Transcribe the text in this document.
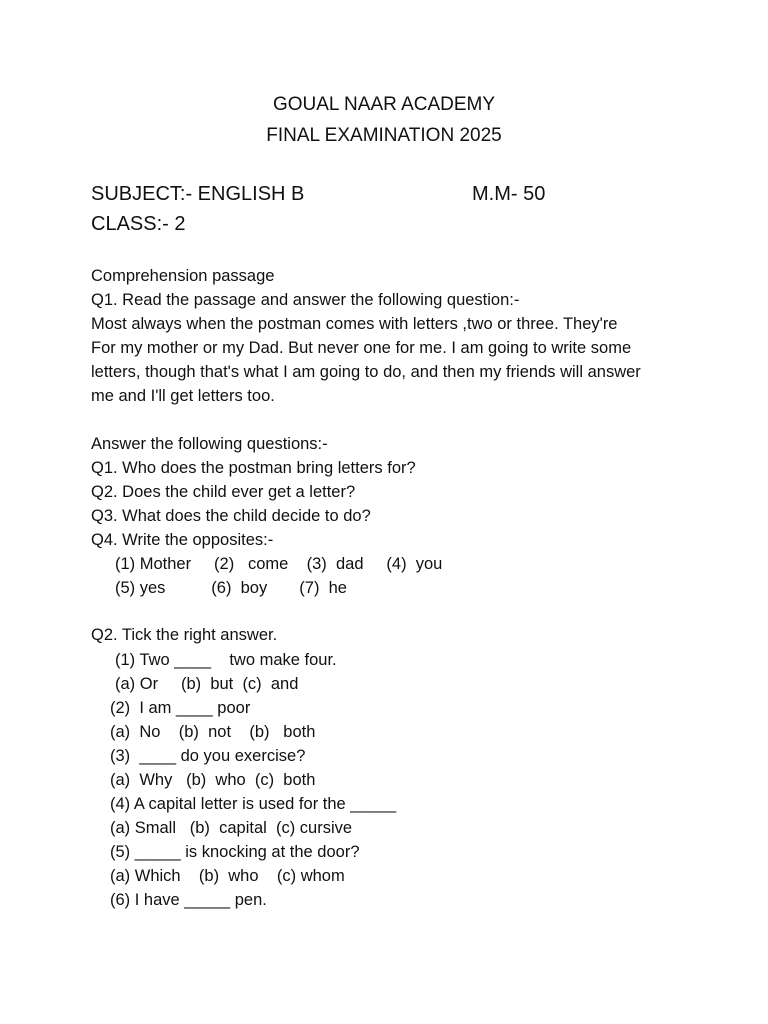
GOUAL NAAR ACADEMY
FINAL EXAMINATION 2025
SUBJECT:- ENGLISH B	M.M- 50
CLASS:- 2
Comprehension passage
Q1. Read the passage and answer the following question:-
Most always when the postman comes with letters ,two or three. They're
For my mother or my Dad. But never one for me. I am going to write some
letters, though that's what I am going to do, and then my friends will answer
me and I'll get letters too.
Answer the following questions:-
Q1. Who does the postman bring letters for?
Q2. Does the child ever get a letter?
Q3. What does the child decide to do?
Q4. Write the opposites:-
(1) Mother     (2)   come    (3)  dad     (4)  you
(5) yes          (6)  boy       (7)  he
Q2. Tick the right answer.
(1) Two ____    two make four.
(a) Or     (b)  but  (c)  and
(2)  I am ____ poor
(a)  No    (b)  not    (b)   both
(3)  ____ do you exercise?
(a)  Why   (b)  who  (c)  both
(4) A capital letter is used for the _____
(a) Small   (b)  capital  (c) cursive
(5) _____ is knocking at the door?
(a) Which    (b)  who    (c) whom
(6) I have _____ pen.
